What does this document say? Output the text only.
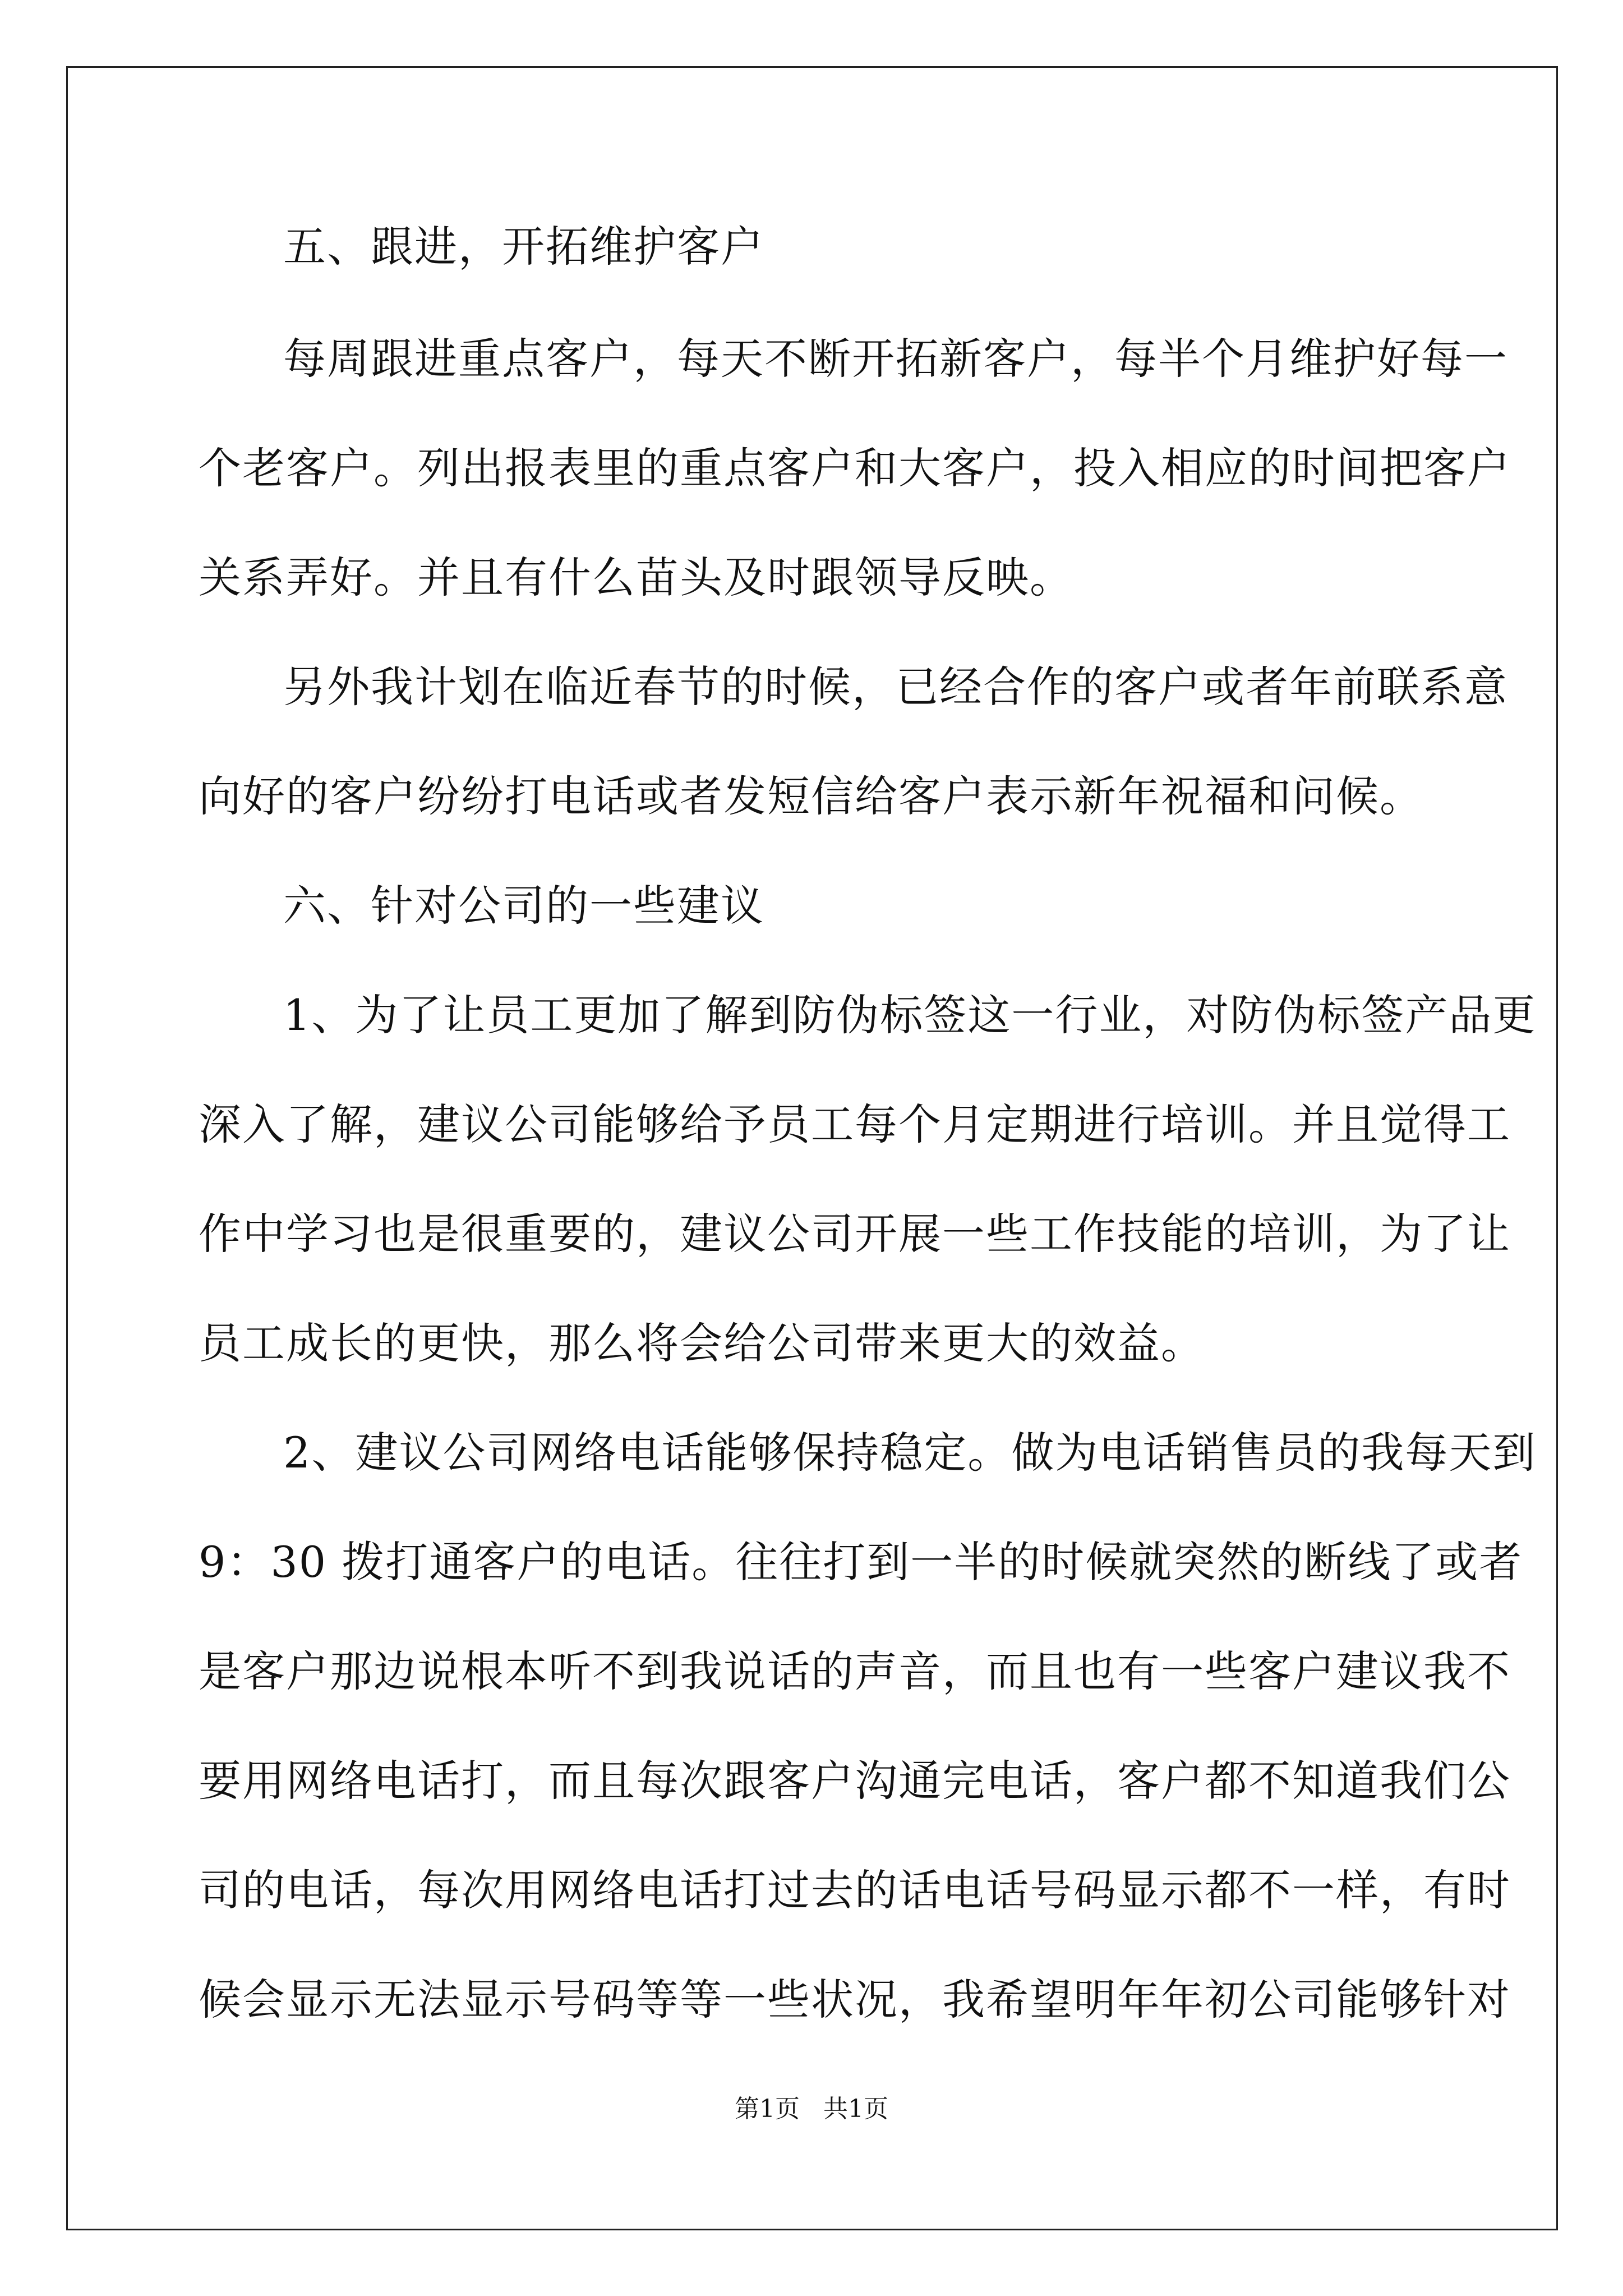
五、跟进，开拓维护客户
每周跟进重点客户，每天不断开拓新客户，每半个月维护好每一
个老客户。列出报表里的重点客户和大客户，投入相应的时间把客户
关系弄好。并且有什么苗头及时跟领导反映。
另外我计划在临近春节的时候，已经合作的客户或者年前联系意
向好的客户纷纷打电话或者发短信给客户表示新年祝福和问候。
六、针对公司的一些建议
1、为了让员工更加了解到防伪标签这一行业，对防伪标签产品更
深入了解，建议公司能够给予员工每个月定期进行培训。并且觉得工
作中学习也是很重要的，建议公司开展一些工作技能的培训，为了让
员工成长的更快，那么将会给公司带来更大的效益。
2、建议公司网络电话能够保持稳定。做为电话销售员的我每天到
9：30 拨打通客户的电话。往往打到一半的时候就突然的断线了或者
是客户那边说根本听不到我说话的声音，而且也有一些客户建议我不
要用网络电话打，而且每次跟客户沟通完电话，客户都不知道我们公
司的电话，每次用网络电话打过去的话电话号码显示都不一样，有时
候会显示无法显示号码等等一些状况，我希望明年年初公司能够针对
第1页   共1页
